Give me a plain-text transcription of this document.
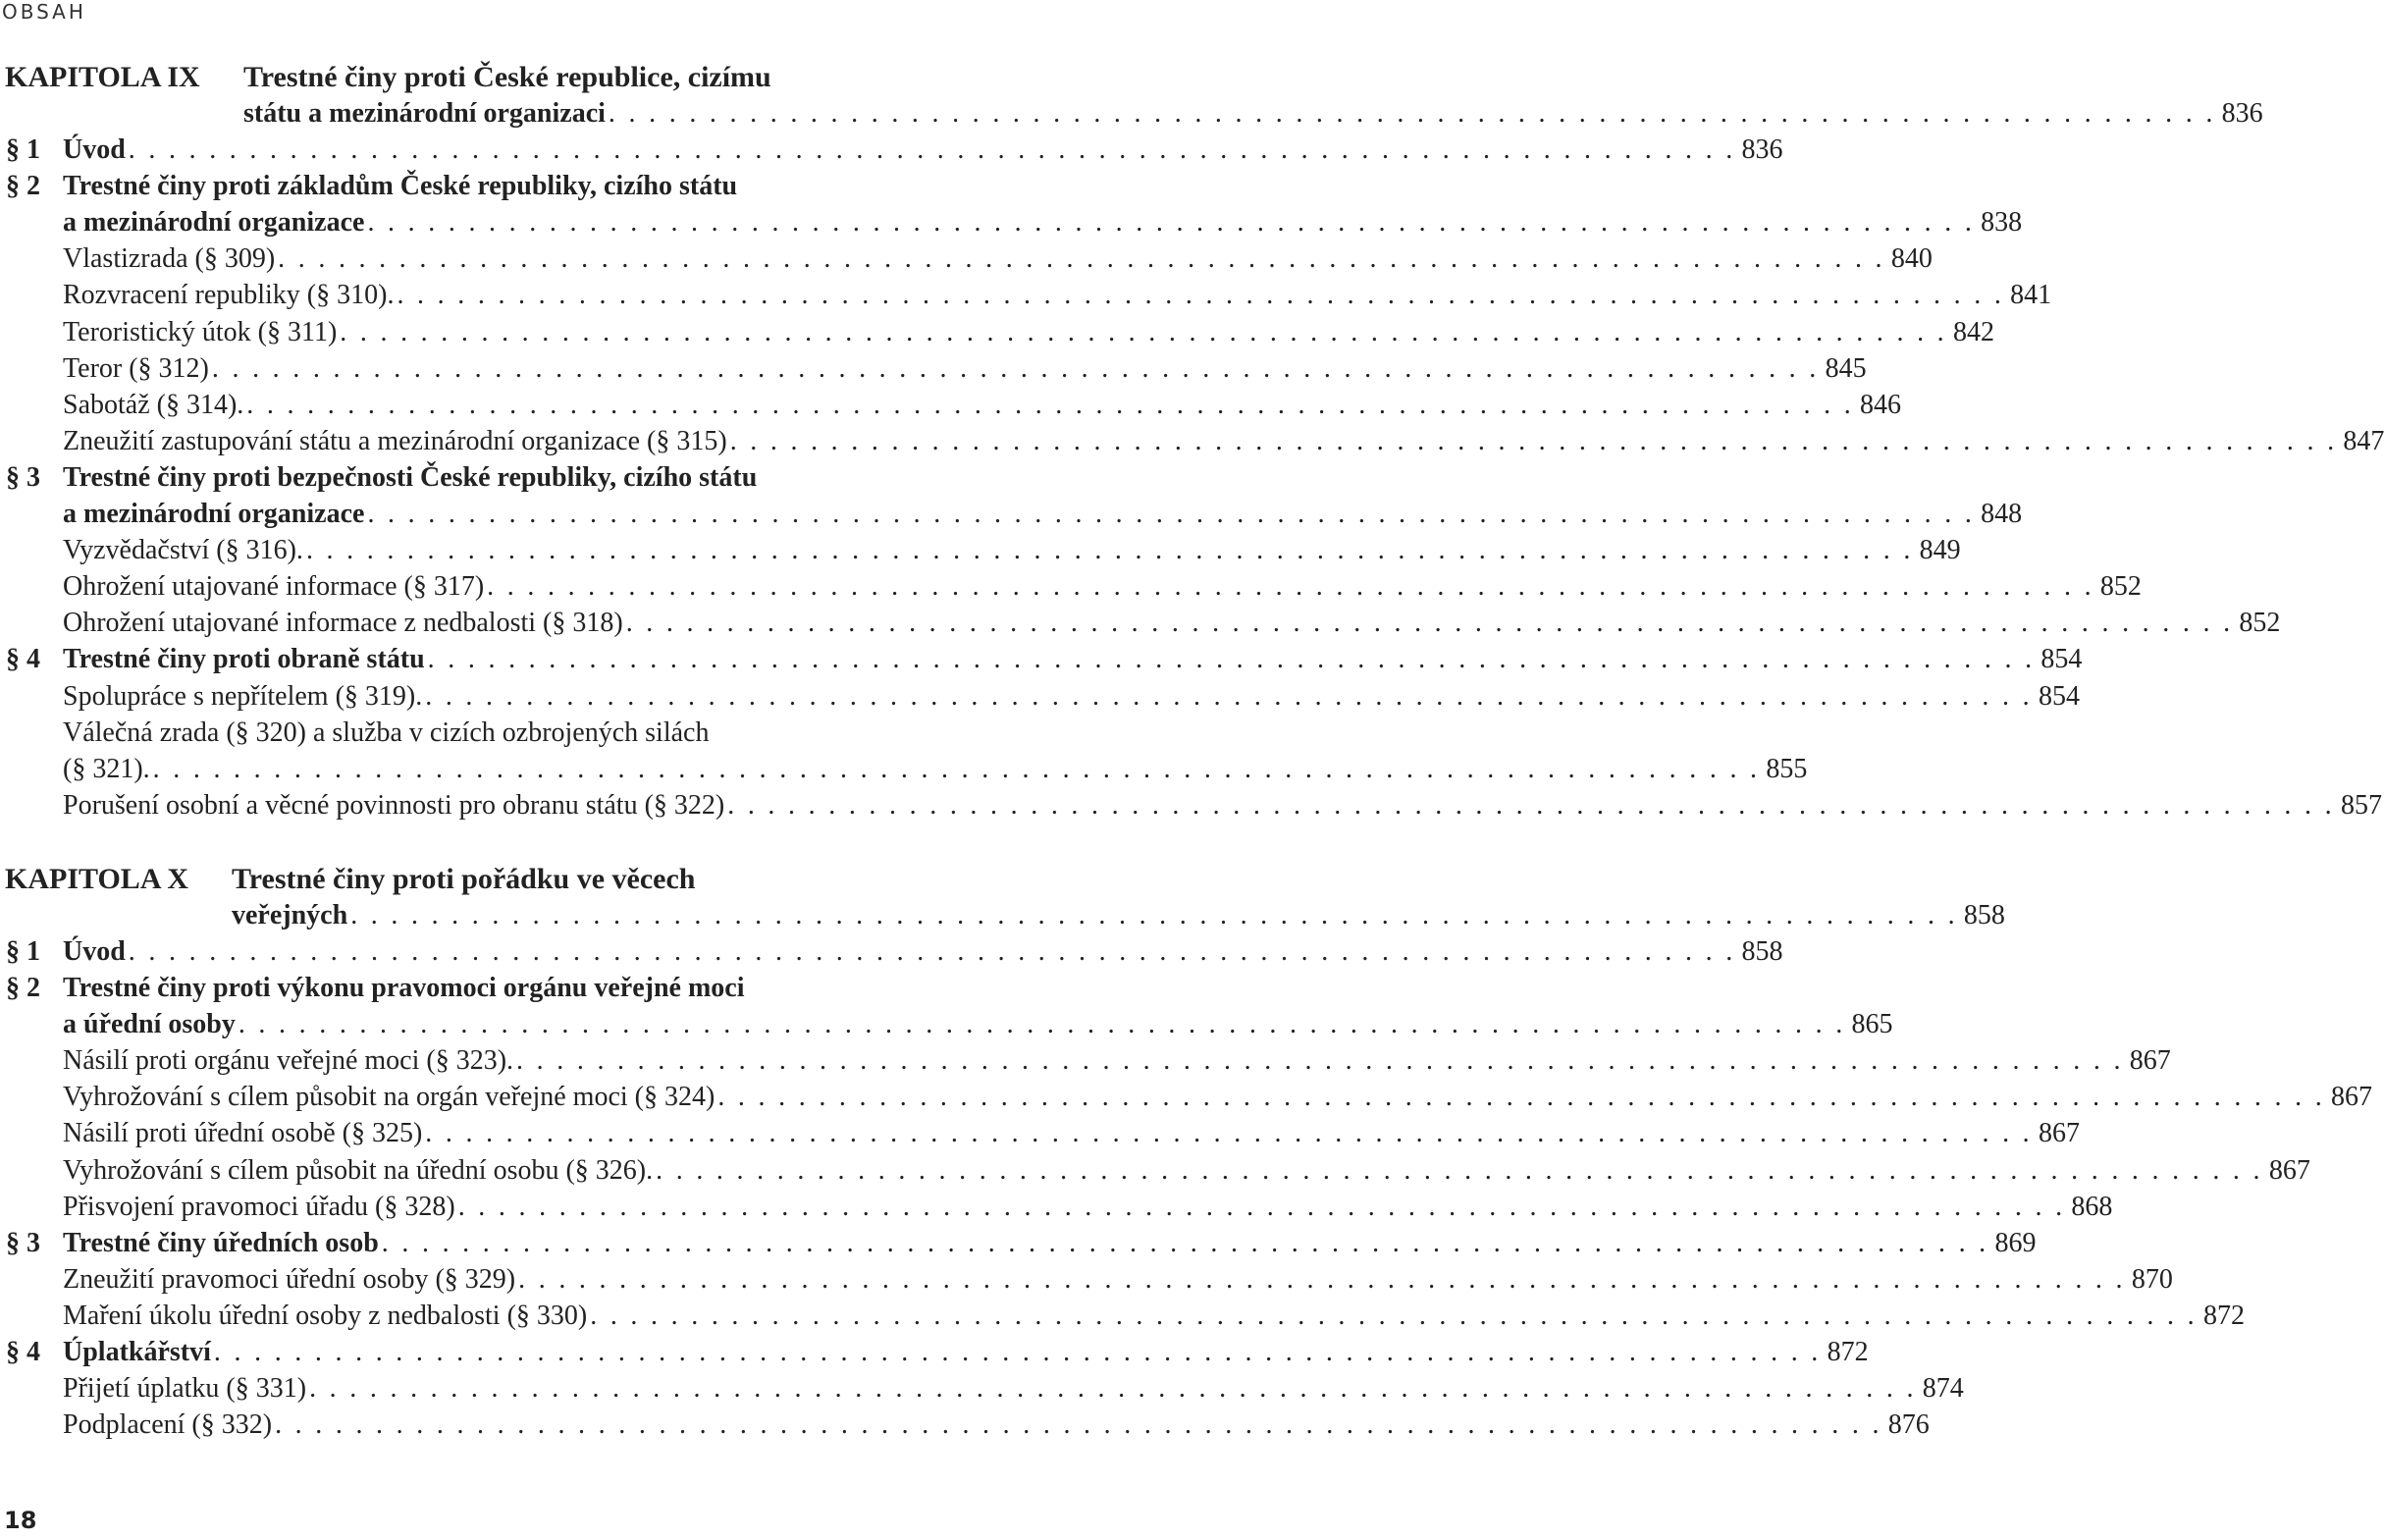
OBSAH
KAPITOLA IX Trestné činy proti České republice, cizímu
státu a mezinárodní organizaci . . . . . . . . . . . . . . . . . . . . . . . . . . . . . . . . . . . . . . . . . . . . . . . . . . . . . . . . . . . . . . . . . . . . . . . . . . . . . . . . 836
§ 1 Úvod . . . . . . . . . . . . . . . . . . . . . . . . . . . . . . . . . . . . . . . . . . . . . . . . . . . . . . . . . . . . . . . . . . . . . . . . . . . . . . . . 836
§ 2 Trestné činy proti základům České republiky, cizího státu
a mezinárodní organizace . . . . . . . . . . . . . . . . . . . . . . . . . . . . . . . . . . . . . . . . . . . . . . . . . . . . . . . . . . . . . . . . . . . . . . . . . . . . . . . . 838
Vlastizrada (§ 309) . . . . . . . . . . . . . . . . . . . . . . . . . . . . . . . . . . . . . . . . . . . . . . . . . . . . . . . . . . . . . . . . . . . . . . . . . . . . . . . . 840
Rozvracení republiky (§ 310). . . . . . . . . . . . . . . . . . . . . . . . . . . . . . . . . . . . . . . . . . . . . . . . . . . . . . . . . . . . . . . . . . . . . . . . . . . . . . . . . 841
Teroristický útok (§ 311) . . . . . . . . . . . . . . . . . . . . . . . . . . . . . . . . . . . . . . . . . . . . . . . . . . . . . . . . . . . . . . . . . . . . . . . . . . . . . . . . 842
Teror (§ 312) . . . . . . . . . . . . . . . . . . . . . . . . . . . . . . . . . . . . . . . . . . . . . . . . . . . . . . . . . . . . . . . . . . . . . . . . . . . . . . . . 845
Sabotáž (§ 314). . . . . . . . . . . . . . . . . . . . . . . . . . . . . . . . . . . . . . . . . . . . . . . . . . . . . . . . . . . . . . . . . . . . . . . . . . . . . . . . . 846
Zneužití zastupování státu a mezinárodní organizace (§ 315) . . . . . . . . . . . . . . . . . . . . . . . . . . . . . . . . . . . . . . . . . . . . . . . . . . . . . . . . . . . . . . . . . . . . . . . . . . . . . . . . 847
§ 3 Trestné činy proti bezpečnosti České republiky, cizího státu
a mezinárodní organizace . . . . . . . . . . . . . . . . . . . . . . . . . . . . . . . . . . . . . . . . . . . . . . . . . . . . . . . . . . . . . . . . . . . . . . . . . . . . . . . . 848
Vyzvědačství (§ 316). . . . . . . . . . . . . . . . . . . . . . . . . . . . . . . . . . . . . . . . . . . . . . . . . . . . . . . . . . . . . . . . . . . . . . . . . . . . . . . . . 849
Ohrožení utajované informace (§ 317) . . . . . . . . . . . . . . . . . . . . . . . . . . . . . . . . . . . . . . . . . . . . . . . . . . . . . . . . . . . . . . . . . . . . . . . . . . . . . . . . 852
Ohrožení utajované informace z nedbalosti (§ 318) . . . . . . . . . . . . . . . . . . . . . . . . . . . . . . . . . . . . . . . . . . . . . . . . . . . . . . . . . . . . . . . . . . . . . . . . . . . . . . . . 852
§ 4 Trestné činy proti obraně státu . . . . . . . . . . . . . . . . . . . . . . . . . . . . . . . . . . . . . . . . . . . . . . . . . . . . . . . . . . . . . . . . . . . . . . . . . . . . . . . . 854
Spolupráce s nepřítelem (§ 319). . . . . . . . . . . . . . . . . . . . . . . . . . . . . . . . . . . . . . . . . . . . . . . . . . . . . . . . . . . . . . . . . . . . . . . . . . . . . . . . . 854
Válečná zrada (§ 320) a služba v cizích ozbrojených silách
(§ 321). . . . . . . . . . . . . . . . . . . . . . . . . . . . . . . . . . . . . . . . . . . . . . . . . . . . . . . . . . . . . . . . . . . . . . . . . . . . . . . . . 855
Porušení osobní a věcné povinnosti pro obranu státu (§ 322) . . . . . . . . . . . . . . . . . . . . . . . . . . . . . . . . . . . . . . . . . . . . . . . . . . . . . . . . . . . . . . . . . . . . . . . . . . . . . . . . 857
KAPITOLA X Trestné činy proti pořádku ve věcech
veřejných . . . . . . . . . . . . . . . . . . . . . . . . . . . . . . . . . . . . . . . . . . . . . . . . . . . . . . . . . . . . . . . . . . . . . . . . . . . . . . . . 858
§ 1 Úvod . . . . . . . . . . . . . . . . . . . . . . . . . . . . . . . . . . . . . . . . . . . . . . . . . . . . . . . . . . . . . . . . . . . . . . . . . . . . . . . . 858
§ 2 Trestné činy proti výkonu pravomoci orgánu veřejné moci
a úřední osoby . . . . . . . . . . . . . . . . . . . . . . . . . . . . . . . . . . . . . . . . . . . . . . . . . . . . . . . . . . . . . . . . . . . . . . . . . . . . . . . . 865
Násilí proti orgánu veřejné moci (§ 323). . . . . . . . . . . . . . . . . . . . . . . . . . . . . . . . . . . . . . . . . . . . . . . . . . . . . . . . . . . . . . . . . . . . . . . . . . . . . . . . . 867
Vyhrožování s cílem působit na orgán veřejné moci (§ 324) . . . . . . . . . . . . . . . . . . . . . . . . . . . . . . . . . . . . . . . . . . . . . . . . . . . . . . . . . . . . . . . . . . . . . . . . . . . . . . . . 867
Násilí proti úřední osobě (§ 325) . . . . . . . . . . . . . . . . . . . . . . . . . . . . . . . . . . . . . . . . . . . . . . . . . . . . . . . . . . . . . . . . . . . . . . . . . . . . . . . . 867
Vyhrožování s cílem působit na úřední osobu (§ 326). . . . . . . . . . . . . . . . . . . . . . . . . . . . . . . . . . . . . . . . . . . . . . . . . . . . . . . . . . . . . . . . . . . . . . . . . . . . . . . . . 867
Přisvojení pravomoci úřadu (§ 328) . . . . . . . . . . . . . . . . . . . . . . . . . . . . . . . . . . . . . . . . . . . . . . . . . . . . . . . . . . . . . . . . . . . . . . . . . . . . . . . . 868
§ 3 Trestné činy úředních osob . . . . . . . . . . . . . . . . . . . . . . . . . . . . . . . . . . . . . . . . . . . . . . . . . . . . . . . . . . . . . . . . . . . . . . . . . . . . . . . . 869
Zneužití pravomoci úřední osoby (§ 329) . . . . . . . . . . . . . . . . . . . . . . . . . . . . . . . . . . . . . . . . . . . . . . . . . . . . . . . . . . . . . . . . . . . . . . . . . . . . . . . . 870
Maření úkolu úřední osoby z nedbalosti (§ 330) . . . . . . . . . . . . . . . . . . . . . . . . . . . . . . . . . . . . . . . . . . . . . . . . . . . . . . . . . . . . . . . . . . . . . . . . . . . . . . . . 872
§ 4 Úplatkářství . . . . . . . . . . . . . . . . . . . . . . . . . . . . . . . . . . . . . . . . . . . . . . . . . . . . . . . . . . . . . . . . . . . . . . . . . . . . . . . . 872
Přijetí úplatku (§ 331) . . . . . . . . . . . . . . . . . . . . . . . . . . . . . . . . . . . . . . . . . . . . . . . . . . . . . . . . . . . . . . . . . . . . . . . . . . . . . . . . 874
Podplacení (§ 332) . . . . . . . . . . . . . . . . . . . . . . . . . . . . . . . . . . . . . . . . . . . . . . . . . . . . . . . . . . . . . . . . . . . . . . . . . . . . . . . . 876
18
